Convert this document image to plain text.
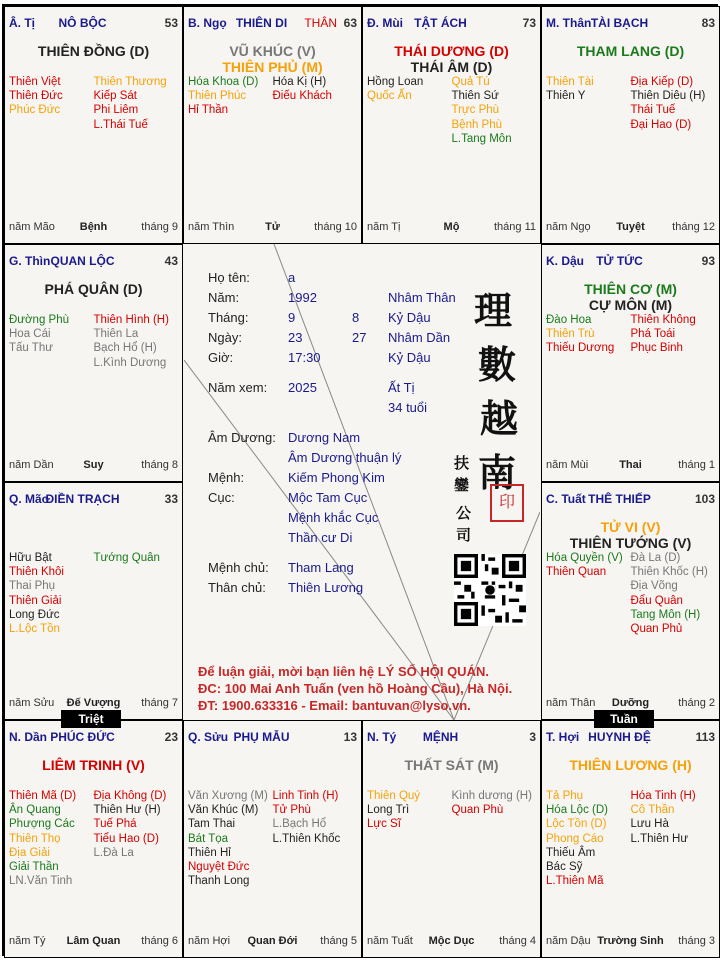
Â. Tị	NÔ BỘC	53
THIÊN ĐỒNG (D)
Thiên Việt
Thiên Đức
Phúc Đức
Thiên Thương
Kiếp Sát
Phi Liêm
L.Thái Tuế
năm Mão	Bệnh	tháng 9
B. Ngọ THIÊN DI	THÂN 63
VŨ KHÚC (V)
THIÊN PHỦ (M)
Hóa Khoa (D)
Thiên Phúc
Hỉ Thần
Hóa Kị (H)
Điếu Khách
năm Thìn	Tử	tháng 10
Đ. Mùi TẬT ÁCH	73
THÁI DƯƠNG (D)
THÁI ÂM (D)
Hồng Loan
Quốc Ấn
Quả Tú
Thiên Sứ
Trực Phù
Bệnh Phù
L.Tang Môn
năm Tị	Mộ	tháng 11
M. Thân TÀI BẠCH	83
THAM LANG (D)
Thiên Tài
Thiên Y
Địa Kiếp (D)
Thiên Diêu (H)
Thái Tuế
Đại Hao (D)
năm Ngọ	Tuyệt	tháng 12
G. Thìn QUAN LỘC	43
PHÁ QUÂN (D)
Đường Phù
Hoa Cái
Tấu Thư
Thiên Hình (H)
Thiên La
Bạch Hổ (H)
L.Kình Dương
năm Dần	Suy	tháng 8
K. Dậu	TỬ TỨC	93
THIÊN CƠ (M)
CỰ MÔN (M)
Đào Hoa
Thiên Trù
Thiếu Dương
Thiên Không
Phá Toái
Phục Binh
năm Mùi	Thai	tháng 1
Q. Mão
ĐIỀN TRẠCH	33
Hữu Bật
Thiên Khôi
Thai Phụ
Thiên Giải
Long Đức
L.Lộc Tồn
Tướng Quân
năm Sửu	Đế Vượng	tháng 7
C. Tuất THÊ THIẾP	103
TỬ VI (V)
THIÊN TƯỚNG (V)
Hóa Quyền (V)
Thiên Quan
Đà La (D)
Thiên Khốc (H)
Địa Võng
Đẩu Quân
Tang Môn (H)
Quan Phủ
năm Thân	Dưỡng	tháng 2
N. Dần PHÚC ĐỨC	23
LIÊM TRINH (V)
Thiên Mã (D)
Ân Quang
Phượng Các
Thiên Thọ
Địa Giải
Giải Thần
LN.Văn Tinh
Địa Không (D)
Thiên Hư (H)
Tuế Phá
Tiểu Hao (D)
L.Đà La
năm Tý	Lâm Quan	tháng 6
Q. Sửu PHỤ MẪU	13
Văn Xương (M)
Văn Khúc (M)
Tam Thai
Bát Tọa
Thiên Hỉ
Nguyệt Đức
Thanh Long
Linh Tinh (H)
Tử Phù
L.Bạch Hổ
L.Thiên Khốc
năm Hợi	Quan Đới	tháng 5
N. Tý	MỆNH	3
THẤT SÁT (M)
Thiên Quý
Long Trì
Lực Sĩ
Kình dương (H)
Quan Phù
năm Tuất	Mộc Dục	tháng 4
T. Hợi HUYNH ĐỆ	113
THIÊN LƯƠNG (H)
Tả Phụ
Hóa Lộc (D)
Lộc Tồn (D)
Phong Cáo
Thiếu Âm
Bác Sỹ
L.Thiên Mã
Hóa Tinh (H)
Cô Thần
Lưu Hà
L.Thiên Hư
năm Dậu Trường Sinh	tháng 3
Họ tên:	a
Năm:	1992	Nhâm Thân
Tháng:	9	8 Kỷ Dậu
Ngày:	23	27 Nhâm Dần
Giờ:	17:30	Kỷ Dậu
Năm xem: 2025	Ất Tị
34 tuổi
Âm Dương: Dương Nam
Âm Dương thuận lý
Mệnh:	Kiếm Phong Kim
Cục:	Mộc Tam Cục
Mệnh khắc Cục
Thần cư Di
Mệnh chủ: Tham Lang
Thân chủ: Thiên Lương
理
數
越
南
扶
鑾
公
司
印
Để luận giải, mời bạn liên hệ LÝ SỐ HỘI QUÁN.
ĐC: 100 Mai Anh Tuấn (ven hồ Hoàng Cầu), Hà Nội.
ĐT: 1900.633316 - Email: bantuvan@lyso.vn.
Triệt	Tuần
